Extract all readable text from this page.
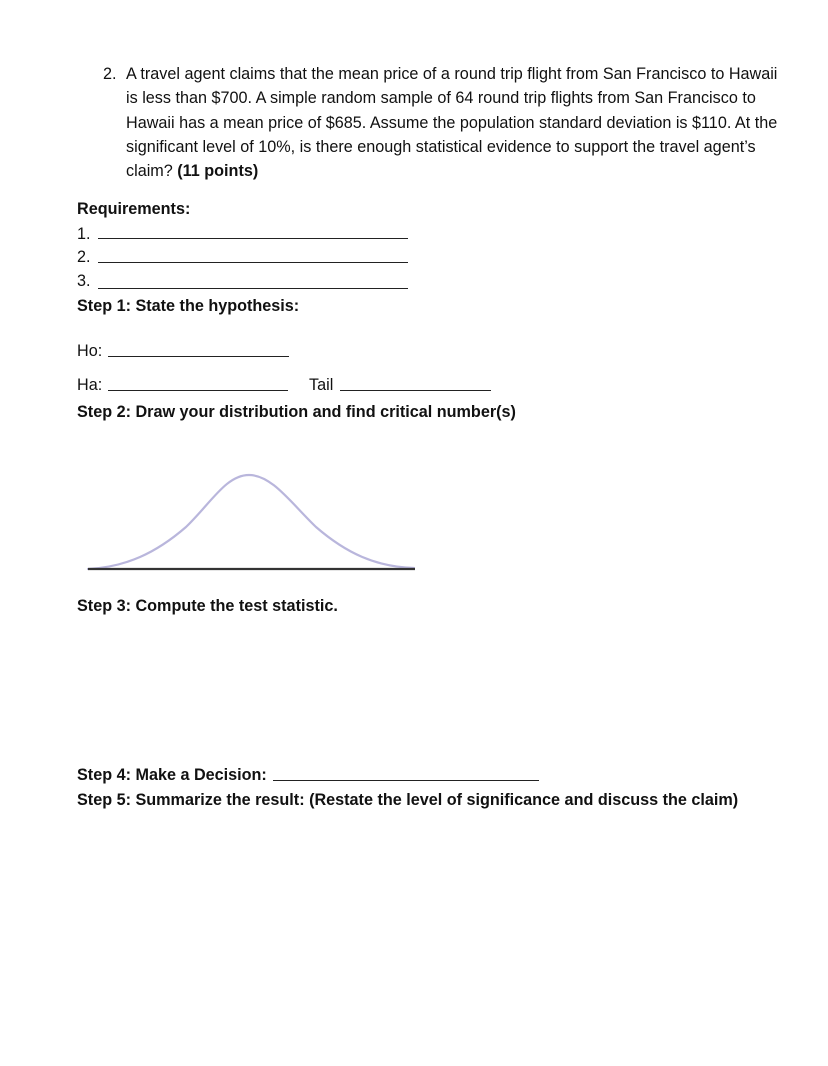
2. A travel agent claims that the mean price of a round trip flight from San Francisco to Hawaii is less than $700. A simple random sample of 64 round trip flights from San Francisco to Hawaii has a mean price of $685. Assume the population standard deviation is $110. At the significant level of 10%, is there enough statistical evidence to support the travel agent’s claim? (11 points)
Requirements:
1.
2.
3.
Step 1: State the hypothesis:
Ho:
Ha:	Tail
Step 2: Draw your distribution and find critical number(s)
Step 3: Compute the test statistic.
Step 4: Make a Decision:
Step 5: Summarize the result: (Restate the level of significance and discuss the claim)
